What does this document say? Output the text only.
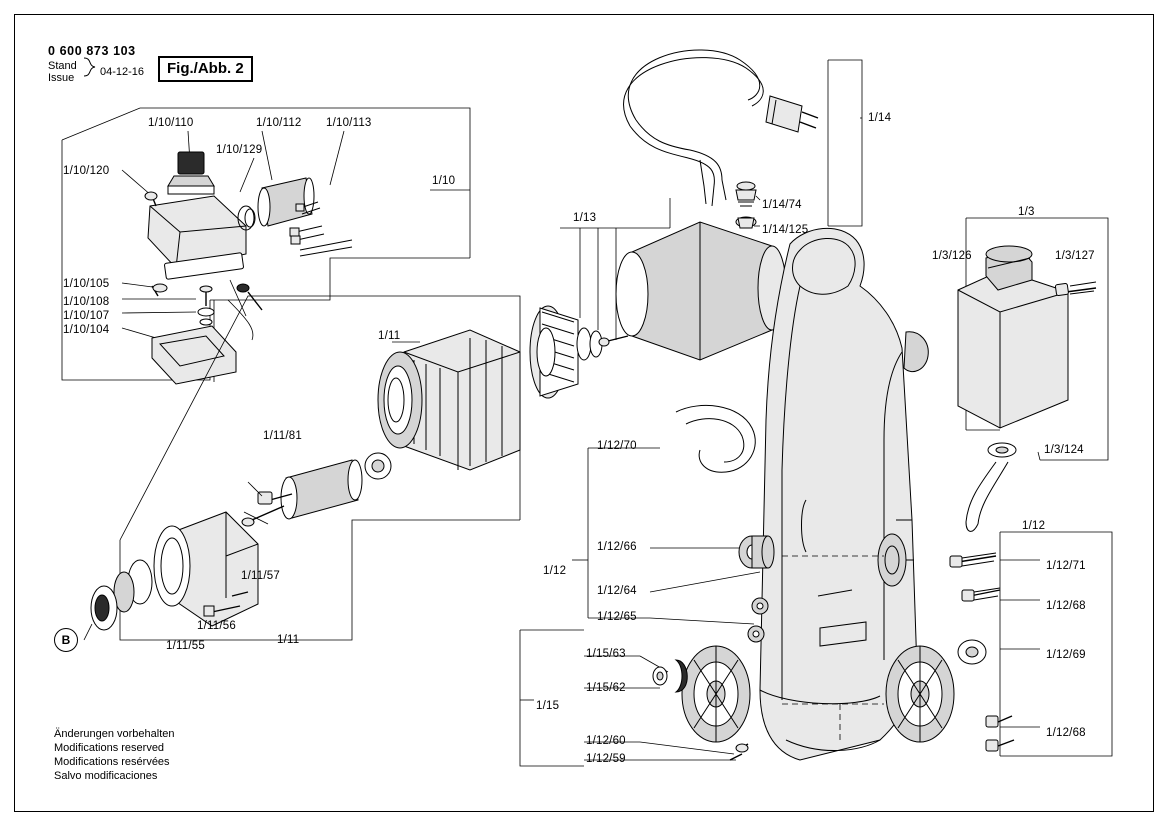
0 600 873 103
Stand
Issue 04-12-16	Fig./Abb. 2
1/10/110	1/10/112 1/10/113
1/10/129
1/10/120
1/10
1/10/105
1/10/108
1/10/107
1/10/104	1/11
1/11/81
1/11/57
1/11/56
1/11/55	1/11
1/13
1/14
1/14/74
1/14/125
1/3
1/3/126	1/3/127
1/3/124
1/12/70
1/12/66
1/12
1/12/64
1/12/65
1/15/63
1/15/62
1/15
1/12/60
1/12/59
1/12
1/12/71
1/12/68
1/12/69
1/12/68
B
Änderungen vorbehalten
Modifications reserved
Modifications resérvées
Salvo modificaciones
